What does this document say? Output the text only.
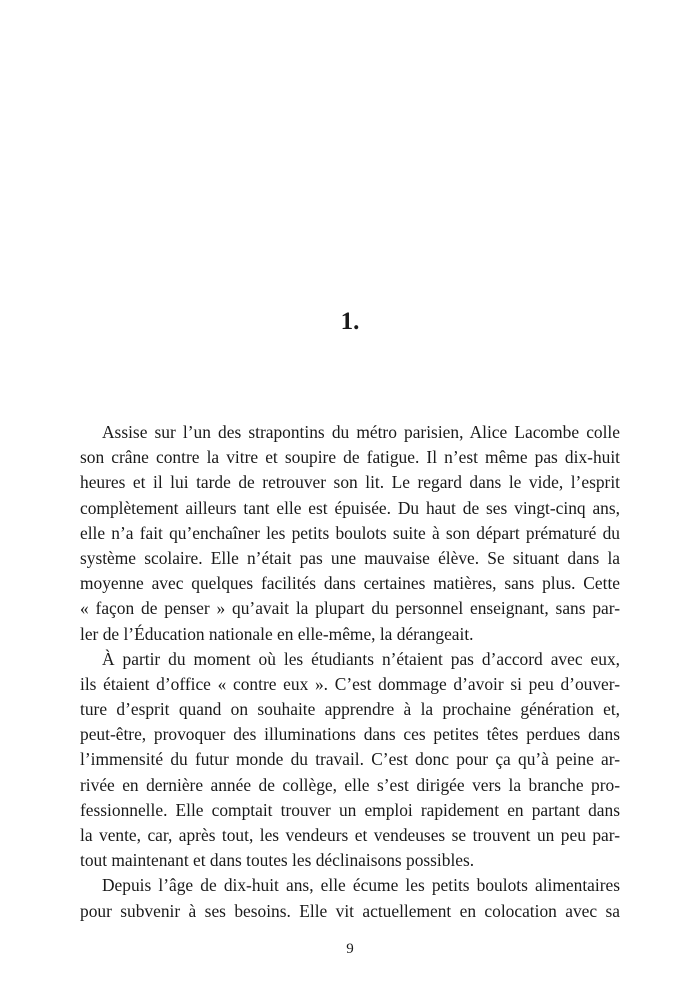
1.
Assise sur l’un des strapontins du métro parisien, Alice Lacombe colle
son crâne contre la vitre et soupire de fatigue. Il n’est même pas dix-huit
heures et il lui tarde de retrouver son lit. Le regard dans le vide, l’esprit
complètement ailleurs tant elle est épuisée. Du haut de ses vingt-cinq ans,
elle n’a fait qu’enchaîner les petits boulots suite à son départ prématuré du
système scolaire. Elle n’était pas une mauvaise élève. Se situant dans la
moyenne avec quelques facilités dans certaines matières, sans plus. Cette
« façon de penser » qu’avait la plupart du personnel enseignant, sans par-
ler de l’Éducation nationale en elle-même, la dérangeait.
À partir du moment où les étudiants n’étaient pas d’accord avec eux,
ils étaient d’office « contre eux ». C’est dommage d’avoir si peu d’ouver-
ture d’esprit quand on souhaite apprendre à la prochaine génération et,
peut-être, provoquer des illuminations dans ces petites têtes perdues dans
l’immensité du futur monde du travail. C’est donc pour ça qu’à peine ar-
rivée en dernière année de collège, elle s’est dirigée vers la branche pro-
fessionnelle. Elle comptait trouver un emploi rapidement en partant dans
la vente, car, après tout, les vendeurs et vendeuses se trouvent un peu par-
tout maintenant et dans toutes les déclinaisons possibles.
Depuis l’âge de dix-huit ans, elle écume les petits boulots alimentaires
pour subvenir à ses besoins. Elle vit actuellement en colocation avec sa
9
